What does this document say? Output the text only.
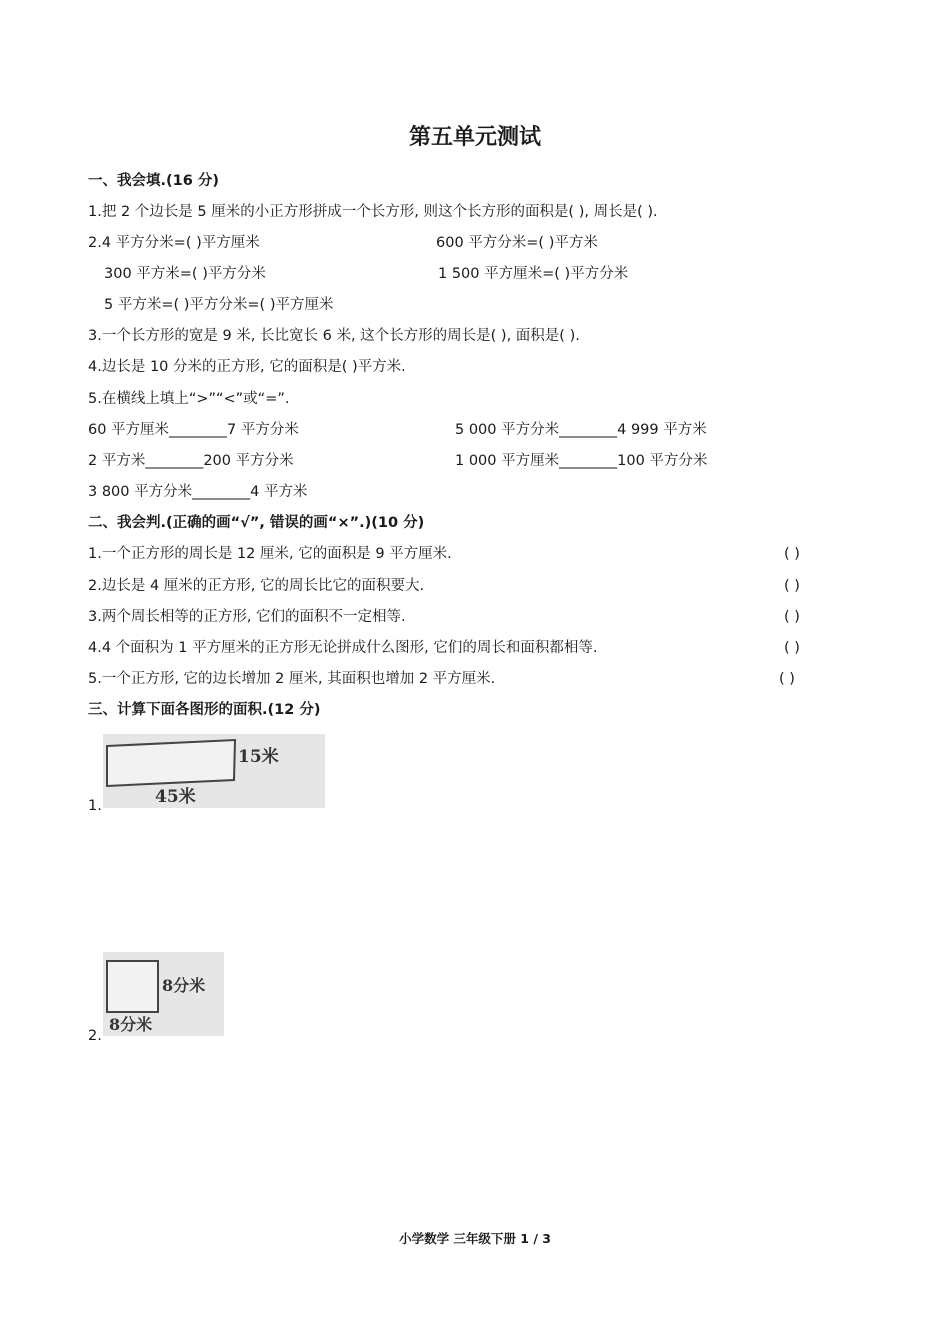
第五单元测试
一、我会填.(16 分)
1.把 2 个边长是 5 厘米的小正方形拼成一个长方形, 则这个长方形的面积是( ), 周长是( ).
2.4 平方分米=( )平方厘米	600 平方分米=( )平方米
300 平方米=( )平方分米	1 500 平方厘米=( )平方分米
5 平方米=( )平方分米=( )平方厘米
3.一个长方形的宽是 9 米, 长比宽长 6 米, 这个长方形的周长是( ), 面积是( ).
4.边长是 10 分米的正方形, 它的面积是( )平方米.
5.在横线上填上“>”“<”或“=”.
60 平方厘米________7 平方分米	5 000 平方分米________4 999 平方米
2 平方米________200 平方分米	1 000 平方厘米________100 平方分米
3 800 平方分米________4 平方米
二、我会判.(正确的画“√”, 错误的画“×”.)(10 分)
1.一个正方形的周长是 12 厘米, 它的面积是 9 平方厘米.	( )
2.边长是 4 厘米的正方形, 它的周长比它的面积要大.	( )
3.两个周长相等的正方形, 它们的面积不一定相等.	( )
4.4 个面积为 1 平方厘米的正方形无论拼成什么图形, 它们的周长和面积都相等.	( )
5.一个正方形, 它的边长增加 2 厘米, 其面积也增加 2 平方厘米.	( )
三、计算下面各图形的面积.(12 分)
1.
15米
45米
2.
8分米
8分米
小学数学 三年级下册 1 / 3
